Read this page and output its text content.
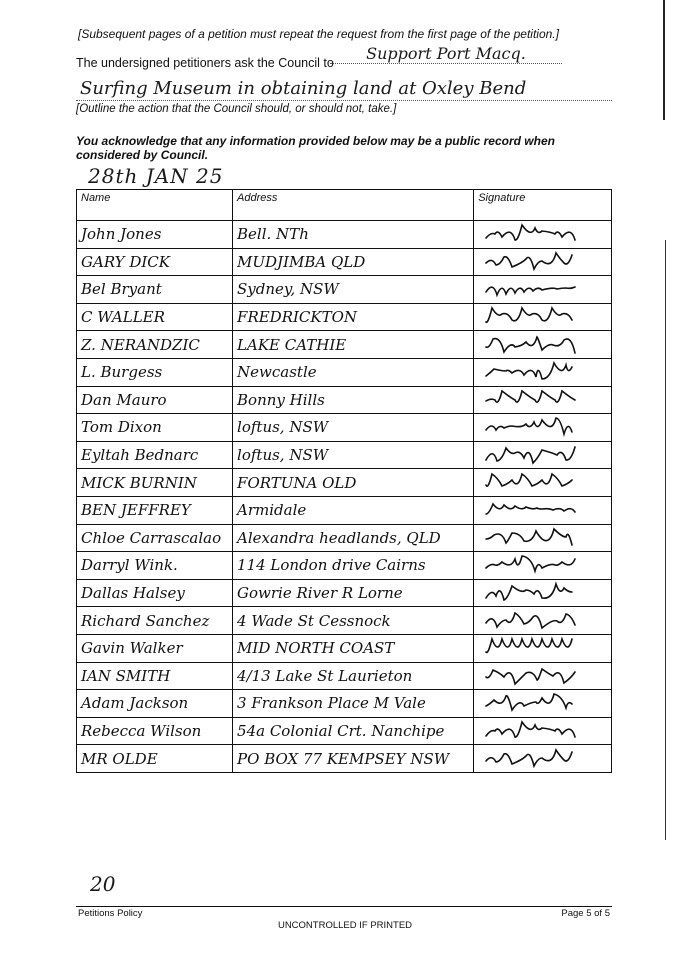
[Subsequent pages of a petition must repeat the request from the first page of the petition.]
The undersigned petitioners ask the Council to	Support Port Macq.
Surfing Museum in obtaining land at Oxley Bend
[Outline the action that the Council should, or should not, take.]
You acknowledge that any information provided below may be a public record when considered by Council.
28th JAN 25
Name	Address	Signature
John Jones	Bell. NTh	

GARY DICK	MUDJIMBA QLD	

Bel Bryant	Sydney, NSW	

C WALLER	FREDRICKTON	

Z. NERANDZIC	LAKE CATHIE	

L. Burgess	Newcastle	

Dan Mauro	Bonny Hills	

Tom Dixon	loftus, NSW	

Eyltah Bednarc	loftus, NSW	

MICK BURNIN	FORTUNA OLD	

BEN JEFFREY	Armidale	

Chloe Carrascalao	Alexandra headlands, QLD	

Darryl Wink.	114 London drive Cairns	

Dallas Halsey	Gowrie River R Lorne	

Richard Sanchez	4 Wade St Cessnock	

Gavin Walker	MID NORTH COAST	

IAN SMITH	4/13 Lake St Laurieton	

Adam Jackson	3 Frankson Place M Vale	

Rebecca Wilson	54a Colonial Crt. Nanchipe	

MR OLDE	PO BOX 77 KEMPSEY NSW	
20
Petitions Policy
UNCONTROLLED IF PRINTED
Page 5 of 5
